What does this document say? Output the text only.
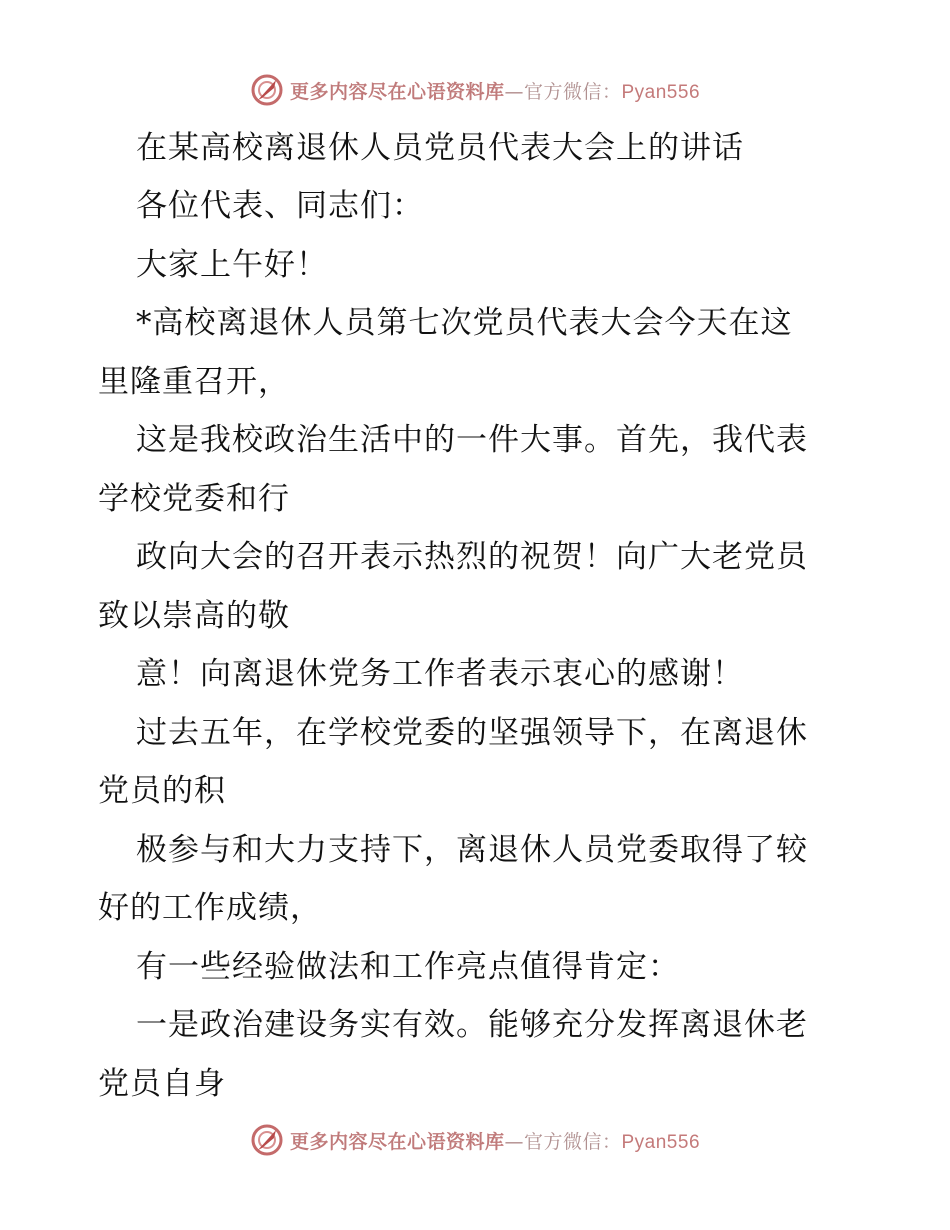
更多内容尽在心语资料库—官方微信：Pyan556
在某高校离退休人员党员代表大会上的讲话
各位代表、同志们：
大家上午好！
*高校离退休人员第七次党员代表大会今天在这
里隆重召开，
这是我校政治生活中的一件大事。首先，我代表
学校党委和行
政向大会的召开表示热烈的祝贺！向广大老党员
致以崇高的敬
意！向离退休党务工作者表示衷心的感谢！
过去五年，在学校党委的坚强领导下，在离退休
党员的积
极参与和大力支持下，离退休人员党委取得了较
好的工作成绩，
有一些经验做法和工作亮点值得肯定：
一是政治建设务实有效。能够充分发挥离退休老
党员自身
更多内容尽在心语资料库—官方微信：Pyan556
